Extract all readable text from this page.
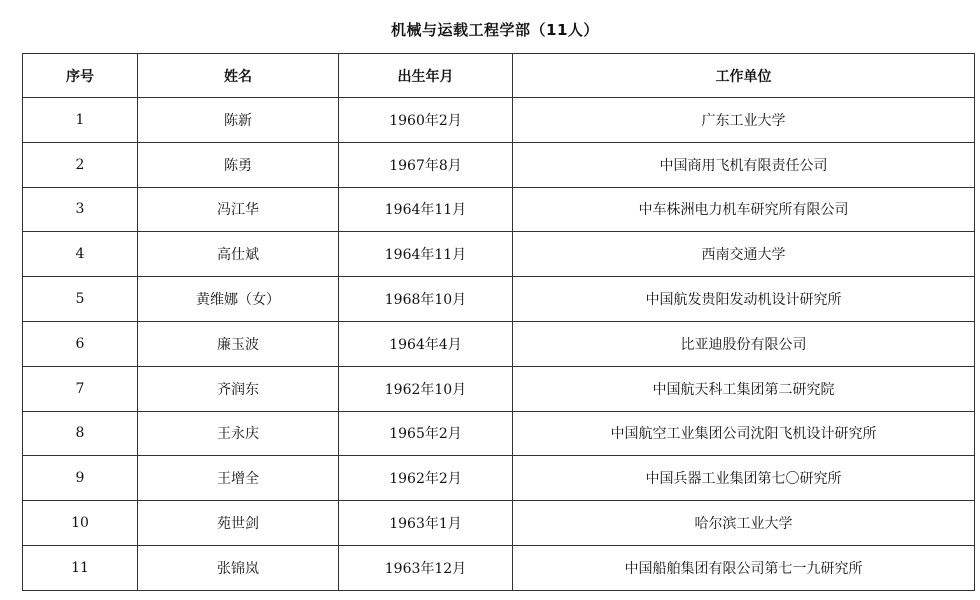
机械与运载工程学部（11人）
序号	姓名	出生年月	工作单位
1	陈新	1960年2月	广东工业大学
2	陈勇	1967年8月	中国商用飞机有限责任公司
3	冯江华	1964年11月	中车株洲电力机车研究所有限公司
4	高仕斌	1964年11月	西南交通大学
5	黄维娜（女）	1968年10月	中国航发贵阳发动机设计研究所
6	廉玉波	1964年4月	比亚迪股份有限公司
7	齐润东	1962年10月	中国航天科工集团第二研究院
8	王永庆	1965年2月	中国航空工业集团公司沈阳飞机设计研究所
9	王增全	1962年2月	中国兵器工业集团第七〇研究所
10	苑世剑	1963年1月	哈尔滨工业大学
11	张锦岚	1963年12月	中国船舶集团有限公司第七一九研究所
